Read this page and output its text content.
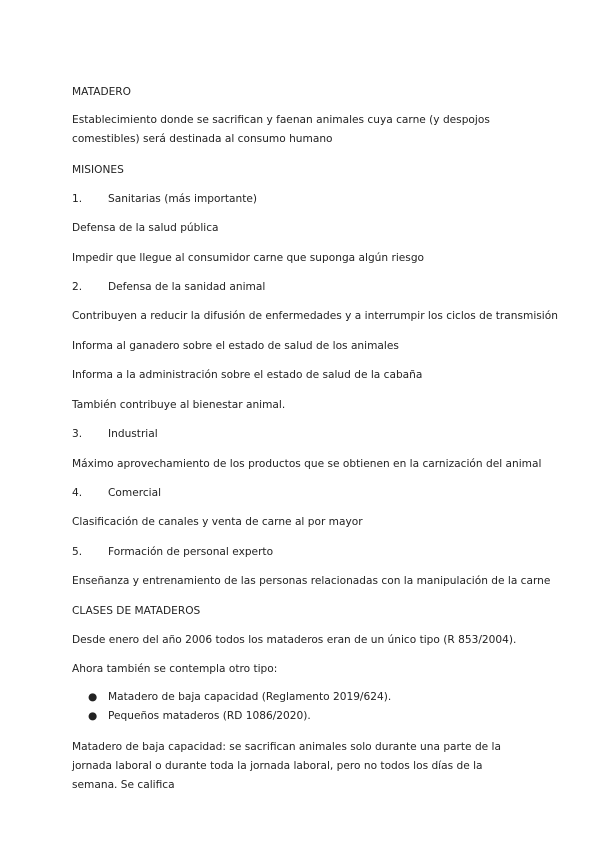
MATADERO
Establecimiento donde se sacrifican y faenan animales cuya carne (y despojos comestibles) será destinada al consumo humano
MISIONES
1. Sanitarias (más importante)
Defensa de la salud pública
Impedir que llegue al consumidor carne que suponga algún riesgo
2. Defensa de la sanidad animal
Contribuyen a reducir la difusión de enfermedades y a interrumpir los ciclos de transmisión
Informa al ganadero sobre el estado de salud de los animales
Informa a la administración sobre el estado de salud de la cabaña
También contribuye al bienestar animal.
3. Industrial
Máximo aprovechamiento de los productos que se obtienen en la carnización del animal
4. Comercial
Clasificación de canales y venta de carne al por mayor
5. Formación de personal experto
Enseñanza y entrenamiento de las personas relacionadas con la manipulación de la carne
CLASES DE MATADEROS
Desde enero del año 2006 todos los mataderos eran de un único tipo (R 853/2004).
Ahora también se contempla otro tipo:
● Matadero de baja capacidad (Reglamento 2019/624).
● Pequeños mataderos (RD 1086/2020).
Matadero de baja capacidad: se sacrifican animales solo durante una parte de la jornada laboral o durante toda la jornada laboral, pero no todos los días de la semana. Se califica
